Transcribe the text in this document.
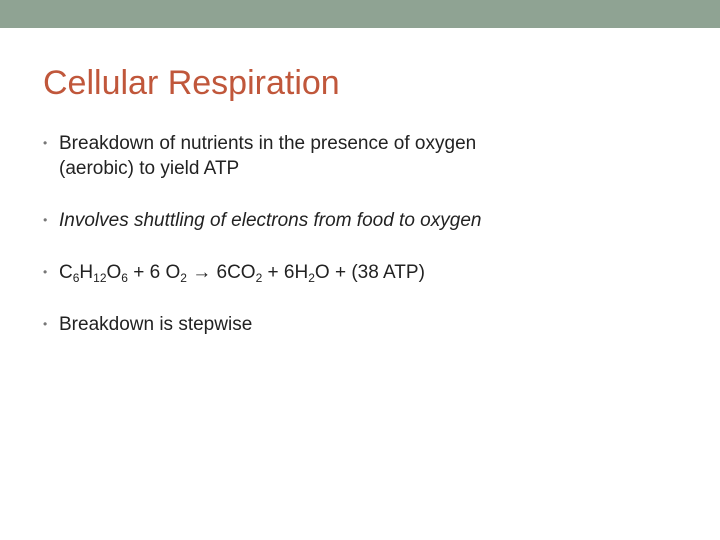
Cellular Respiration
• Breakdown of nutrients in the presence of oxygen
(aerobic) to yield ATP
• Involves shuttling of electrons from food to oxygen
• $C_6H_{12}O_6 + 6$ $O_2 \to 6CO_2 + 6H_2O + (38$ ATP)
• Breakdown is stepwise
